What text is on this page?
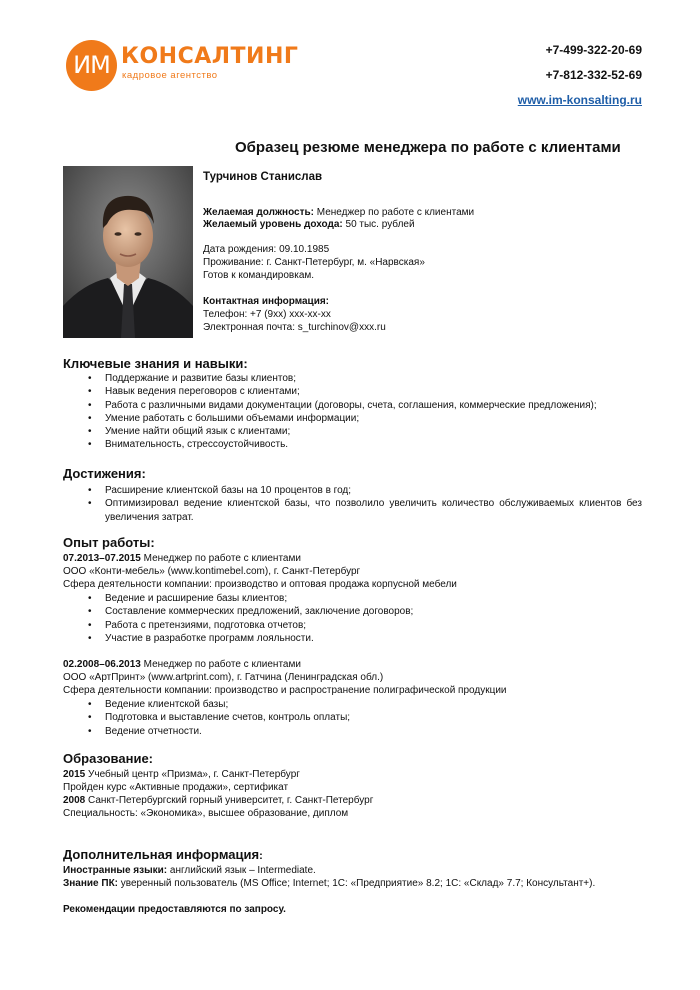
ИМ КОНСАЛТИНГ
кадровое агентство
+7-499-322-20-69
+7-812-332-52-69
www.im-konsalting.ru
Образец резюме менеджера по работе с клиентами
Турчинов Станислав
Желаемая должность: Менеджер по работе с клиентами
Желаемый уровень дохода: 50 тыс. рублей
Дата рождения: 09.10.1985
Проживание: г. Санкт-Петербург, м. «Нарвская»
Готов к командировкам.
Контактная информация:
Телефон: +7 (9хх) ххх-хх-хх
Электронная почта: s_turchinov@xxx.ru
Ключевые знания и навыки:
• Поддержание и развитие базы клиентов;
• Навык ведения переговоров с клиентами;
• Работа с различными видами документации (договоры, счета, соглашения, коммерческие предложения);
• Умение работать с большими объемами информации;
• Умение найти общий язык с клиентами;
• Внимательность, стрессоустойчивость.
Достижения:
• Расширение клиентской базы на 10 процентов в год;
• Оптимизировал ведение клиентской базы, что позволило увеличить количество обслуживаемых клиентов без увеличения затрат.
Опыт работы:
07.2013–07.2015 Менеджер по работе с клиентами
ООО «Конти-мебель» (www.kontimebel.com), г. Санкт-Петербург
Сфера деятельности компании: производство и оптовая продажа корпусной мебели
• Ведение и расширение базы клиентов;
• Составление коммерческих предложений, заключение договоров;
• Работа с претензиями, подготовка отчетов;
• Участие в разработке программ лояльности.
02.2008–06.2013 Менеджер по работе с клиентами
ООО «АртПринт» (www.artprint.com), г. Гатчина (Ленинградская обл.)
Сфера деятельности компании: производство и распространение полиграфической продукции
• Ведение клиентской базы;
• Подготовка и выставление счетов, контроль оплаты;
• Ведение отчетности.
Образование:
2015 Учебный центр «Призма», г. Санкт-Петербург
Пройден курс «Активные продажи», сертификат
2008 Санкт-Петербургский горный университет, г. Санкт-Петербург
Специальность: «Экономика», высшее образование, диплом
Дополнительная информация:
Иностранные языки: английский язык – Intermediate.
Знание ПК: уверенный пользователь (MS Office; Internet; 1С: «Предприятие» 8.2; 1С: «Склад» 7.7; Консультант+).
Рекомендации предоставляются по запросу.
